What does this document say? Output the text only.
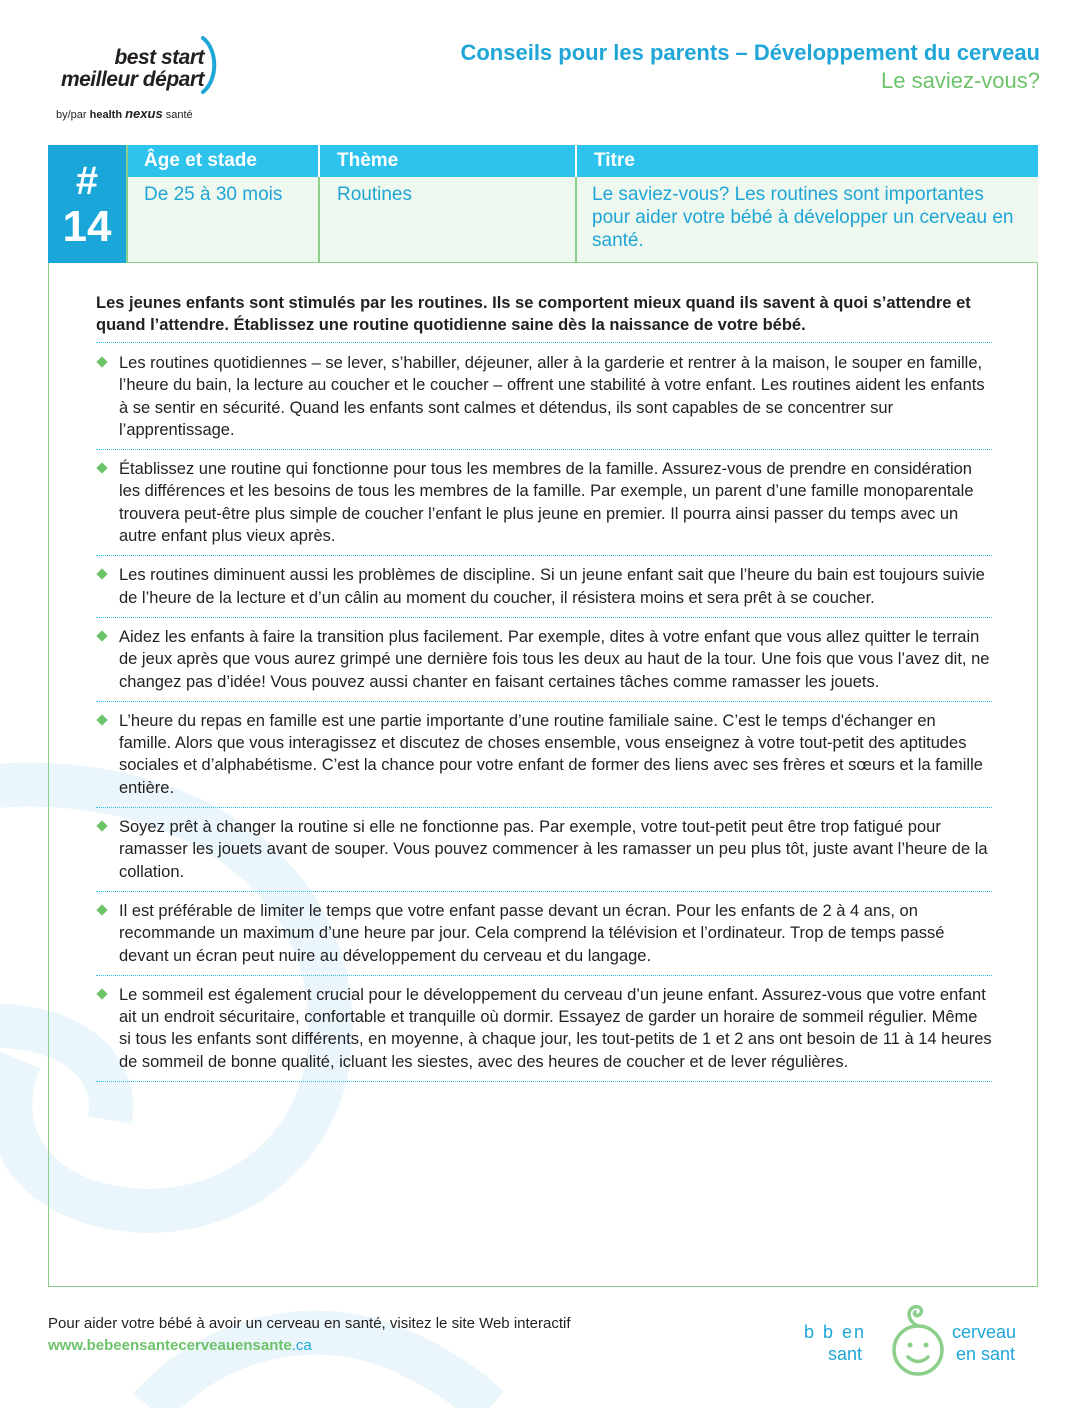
best start
meilleur départ
by/par health nexus santé
Conseils pour les parents – Développement du cerveau
Le saviez-vous?
#
14
Âge et stade	Thème	Titre
De 25 à 30 mois	Routines	Le saviez-vous? Les routines sont importantes pour aider votre bébé à développer un cerveau en santé.
Les jeunes enfants sont stimulés par les routines. Ils se comportent mieux quand ils savent à quoi s’attendre et quand l’attendre. Établissez une routine quotidienne saine dès la naissance de votre bébé.
Les routines quotidiennes – se lever, s’habiller, déjeuner, aller à la garderie et rentrer à la maison, le souper en famille, l’heure du bain, la lecture au coucher et le coucher – offrent une stabilité à votre enfant. Les routines aident les enfants à se sentir en sécurité. Quand les enfants sont calmes et détendus, ils sont capables de se concentrer sur l’apprentissage.
Établissez une routine qui fonctionne pour tous les membres de la famille. Assurez-vous de prendre en considération les différences et les besoins de tous les membres de la famille. Par exemple, un parent d’une famille monoparentale trouvera peut-être plus simple de coucher l’enfant le plus jeune en premier. Il pourra ainsi passer du temps avec un autre enfant plus vieux après.
Les routines diminuent aussi les problèmes de discipline. Si un jeune enfant sait que l’heure du bain est toujours suivie de l’heure de la lecture et d’un câlin au moment du coucher, il résistera moins et sera prêt à se coucher.
Aidez les enfants à faire la transition plus facilement. Par exemple, dites à votre enfant que vous allez quitter le terrain de jeux après que vous aurez grimpé une dernière fois tous les deux au haut de la tour. Une fois que vous l’avez dit, ne changez pas d’idée! Vous pouvez aussi chanter en faisant certaines tâches comme ramasser les jouets.
L’heure du repas en famille est une partie importante d’une routine familiale saine. C’est le temps d'échanger en famille. Alors que vous interagissez et discutez de choses ensemble, vous enseignez à votre tout-petit des aptitudes sociales et d’alphabétisme. C’est la chance pour votre enfant de former des liens avec ses frères et sœurs et la famille entière.
Soyez prêt à changer la routine si elle ne fonctionne pas. Par exemple, votre tout-petit peut être trop fatigué pour ramasser les jouets avant de souper. Vous pouvez commencer à les ramasser un peu plus tôt, juste avant l’heure de la collation.
Il est préférable de limiter le temps que votre enfant passe devant un écran. Pour les enfants de 2 à 4 ans, on recommande un maximum d’une heure par jour. Cela comprend la télévision et l’ordinateur. Trop de temps passé devant un écran peut nuire au développement du cerveau et du langage.
Le sommeil est également crucial pour le développement du cerveau d’un jeune enfant. Assurez-vous que votre enfant ait un endroit sécuritaire, confortable et tranquille où dormir. Essayez de garder un horaire de sommeil régulier. Même si tous les enfants sont différents, en moyenne, à chaque jour, les tout-petits de 1 et 2 ans ont besoin de 11 à 14 heures de sommeil de bonne qualité, icluant les siestes, avec des heures de coucher et de lever régulières.
Pour aider votre bébé à avoir un cerveau en santé, visitez le site Web interactif
www.bebeensantecerveauensante.ca
b b en
sant
cerveau
en sant
